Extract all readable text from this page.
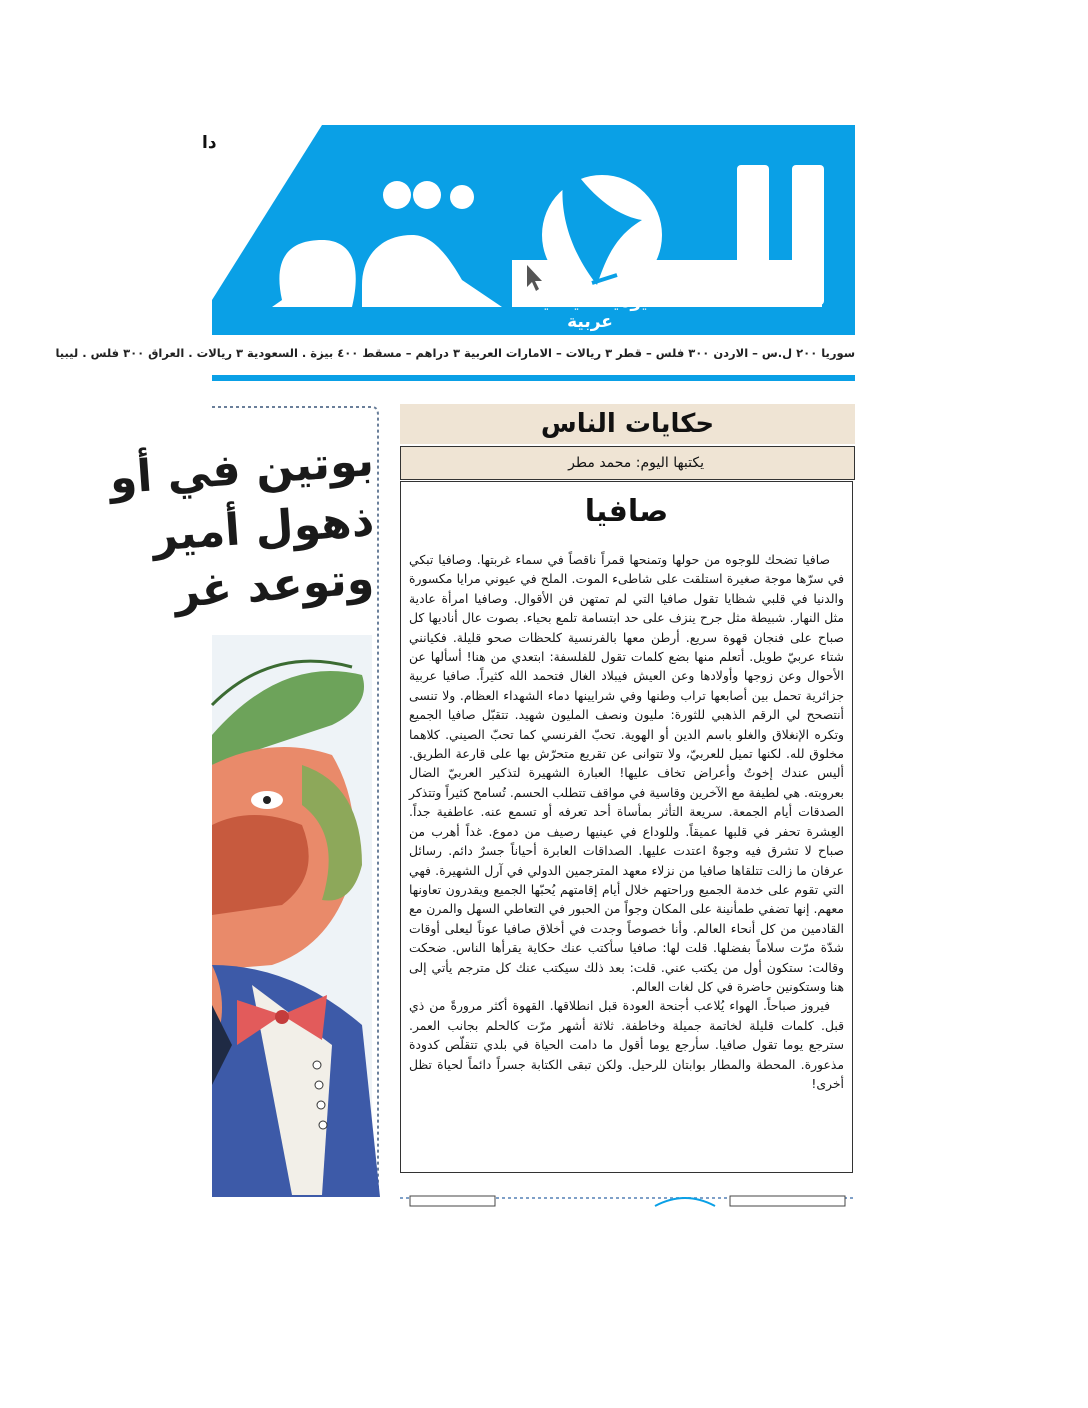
دا
يومية سياسية عربية
سوريا ٢٠٠ ل.س – الاردن ٣٠٠ فلس – قطر ٣ ريالات – الامارات العربية ٣ دراهم – مسقط ٤٠٠ بيزة . السعودية ٣ ريالات . العراق ٣٠٠ فلس . ليبيا
بوتين في أو
ذهول أمير
وتوعد غر
حكايات الناس
يكتبها اليوم: محمد مطر
صافيا

صافيا تضحك للوجوه من حولها وتمنحها قمراً ناقصاً في سماء غربتها. وصافيا تبكي في سرّها موجة صغيرة استلقت على شاطىء الموت. الملح في عيوني مرايا مكسورة والدنيا في قلبي شظايا تقول صافيا التي لم تمتهن فن الأقوال. وصافيا امرأة عادية مثل النهار. شبيطة مثل جرح ينزف على حد ابتسامة تلمع بحياء. بصوت عال أناديها كل صباح على فنجان قهوة سريع. أرطن معها بالفرنسية كلحظات صحو قليلة. فكيانني شتاء عربيّ طويل. أتعلم منها بضع كلمات تقول للفلسفة: ابتعدي من هنا! أسألها عن الأحوال وعن زوجها وأولادها وعن العيش فيبلاد الغال فتحمد الله كثيراً. صافيا عربية جزائرية تحمل بين أصابعها تراب وطنها وفي شرايينها دماء الشهداء العظام. ولا تنسى أنتصحح لي الرقم الذهبي للثورة: مليون ونصف المليون شهيد. تتقبّل صافيا الجميع وتكره الإنغلاق والغلو باسم الدين أو الهوية. تحبّ الفرنسي كما تحبّ الصيني. كلاهما مخلوق لله. لكنها تميل للعربيّ، ولا تتوانى عن تقريع متحرّش بها على قارعة الطريق. أليس عندك إخوتٌ وأعراض تخاف عليها! العبارة الشهيرة لتذكير العربيّ الضال بعروبته. هي لطيفة مع الآخرين وقاسية في مواقف تتطلب الحسم. تُسامح كثيراً وتتذكر الصدقات أيام الجمعة. سريعة التأثر بمأساة أحد تعرفه أو تسمع عنه. عاطفية جداً. العِشرة تحفر في قلبها عميقاً. وللوداع في عينيها رصيف من دموع. غداً أهرب من صباح لا تشرق فيه وجوهٌ اعتدت عليها. الصداقات العابرة أحياناً جسرٌ دائم. رسائل عرفان ما زالت تتلقاها صافيا من نزلاء معهد المترجمين الدولي في آرل الشهيرة. فهي التي تقوم على خدمة الجميع وراحتهم خلال أيام إقامتهم يُحبّها الجميع ويقدرون تعاونها معهم. إنها تضفي طمأنينة على المكان وجواً من الحبور في التعاطي السهل والمرن مع القادمين من كل أنحاء العالم. وأنا خصوصاً وجدت في أخلاق صافيا عوناً ليعلى أوقات شدّة مرّت سلاماً بفضلها. قلت لها: صافيا سأكتب عنك حكاية يقرأها الناس. ضحكت وقالت: ستكون أول من يكتب عني. قلت: بعد ذلك سيكتب عنك كل مترجم يأتي إلى هنا وستكونين حاضرة في كل لغات العالم.

فيروز صباحاً. الهواء يُلاعب أجنحة العودة قبل انطلاقها. القهوة أكثر مرورةً من ذي قبل. كلمات قليلة لخاتمة جميلة وخاطفة. ثلاثة أشهر مرّت كالحلم بجانب العمر. سترجع يوما تقول صافيا. سأرجع يوما أقول ما دامت الحياة في بلدي تتقلّص كدودة مذعورة. المحطة والمطار بوابتان للرحيل. ولكن تبقى الكتابة جسراً دائماً لحياة تظل أخرى!
